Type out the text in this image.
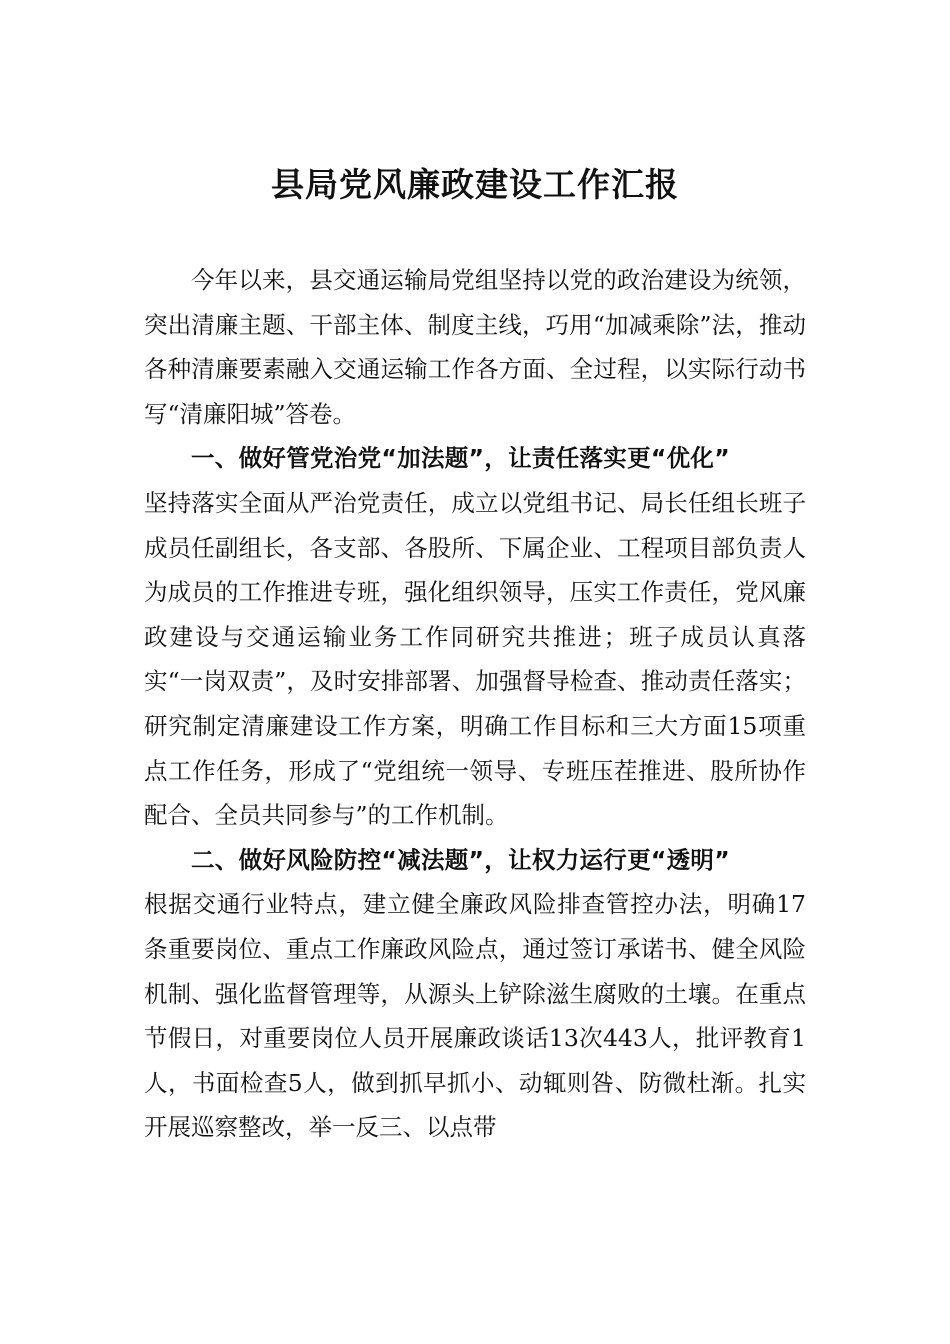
县局党风廉政建设工作汇报

今年以来，县交通运输局党组坚持以党的政治建设为统领，突出清廉主题、干部主体、制度主线，巧用“加减乘除”法，推动各种清廉要素融入交通运输工作各方面、全过程，以实际行动书写“清廉阳城”答卷。

一、做好管党治党“加法题”，让责任落实更“优化”

坚持落实全面从严治党责任，成立以党组书记、局长任组长班子成员任副组长，各支部、各股所、下属企业、工程项目部负责人为成员的工作推进专班，强化组织领导，压实工作责任，党风廉政建设与交通运输业务工作同研究共推进；班子成员认真落实“一岗双责”，及时安排部署、加强督导检查、推动责任落实；研究制定清廉建设工作方案，明确工作目标和三大方面15项重点工作任务，形成了“党组统一领导、专班压茬推进、股所协作配合、全员共同参与”的工作机制。

二、做好风险防控“减法题”，让权力运行更“透明”

根据交通行业特点，建立健全廉政风险排查管控办法，明确17条重要岗位、重点工作廉政风险点，通过签订承诺书、健全风险机制、强化监督管理等，从源头上铲除滋生腐败的土壤。在重点节假日，对重要岗位人员开展廉政谈话13次443人，批评教育1人，书面检查5人，做到抓早抓小、动辄则咎、防微杜渐。扎实开展巡察整改，举一反三、以点带
